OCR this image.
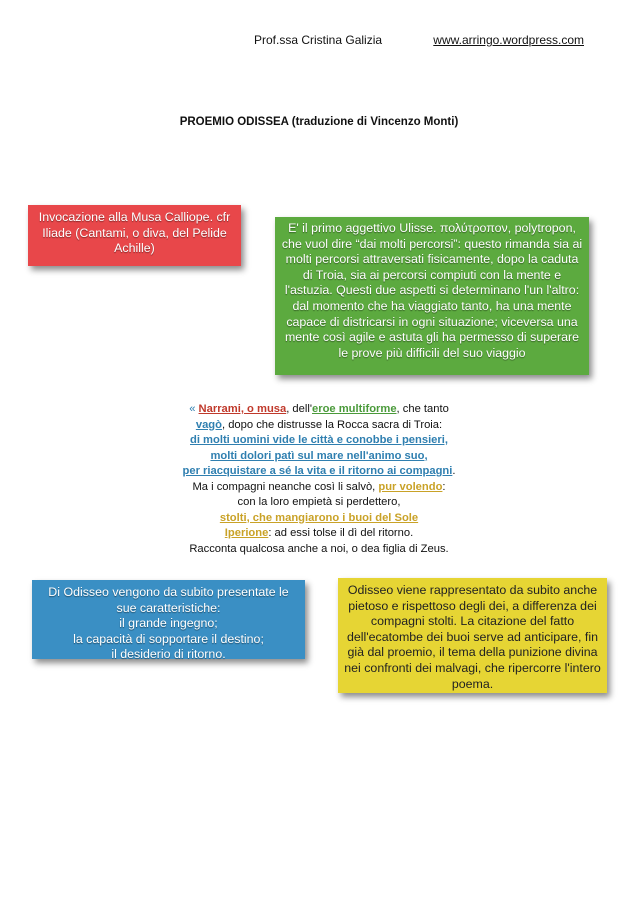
Prof.ssa Cristina Galizia	www.arringo.wordpress.com
PROEMIO ODISSEA (traduzione di Vincenzo Monti)
Invocazione alla Musa Calliope. cfr Iliade (Cantami, o diva, del Pelide Achille)
E' il primo aggettivo Ulisse. πολύτροπον, polytropon, che vuol dire “dai molti percorsi”: questo rimanda sia ai molti percorsi attraversati fisicamente, dopo la caduta di Troia, sia ai percorsi compiuti con la mente e l'astuzia. Questi due aspetti si determinano l'un l'altro: dal momento che ha viaggiato tanto, ha una mente capace di districarsi in ogni situazione; viceversa una mente così agile e astuta gli ha permesso di superare le prove più difficili del suo viaggio
« Narrami, o musa, dell'eroe multiforme, che tanto
vagò, dopo che distrusse la Rocca sacra di Troia:
di molti uomini vide le città e conobbe i pensieri,
molti dolori patì sul mare nell'animo suo,
per riacquistare a sé la vita e il ritorno ai compagni.
Ma i compagni neanche così li salvò, pur volendo:
con la loro empietà si perdettero,
stolti, che mangiarono i buoi del Sole
Iperione: ad essi tolse il dì del ritorno.
Racconta qualcosa anche a noi, o dea figlia di Zeus.
Di Odisseo vengono da subito presentate le sue caratteristiche:
il grande ingegno;
la capacità di sopportare il destino;
il desiderio di ritorno.
Odisseo viene rappresentato da subito anche pietoso e rispettoso degli dei, a differenza dei compagni stolti. La citazione del fatto dell'ecatombe dei buoi serve ad anticipare, fin già dal proemio, il tema della punizione divina nei confronti dei malvagi, che ripercorre l'intero poema.
